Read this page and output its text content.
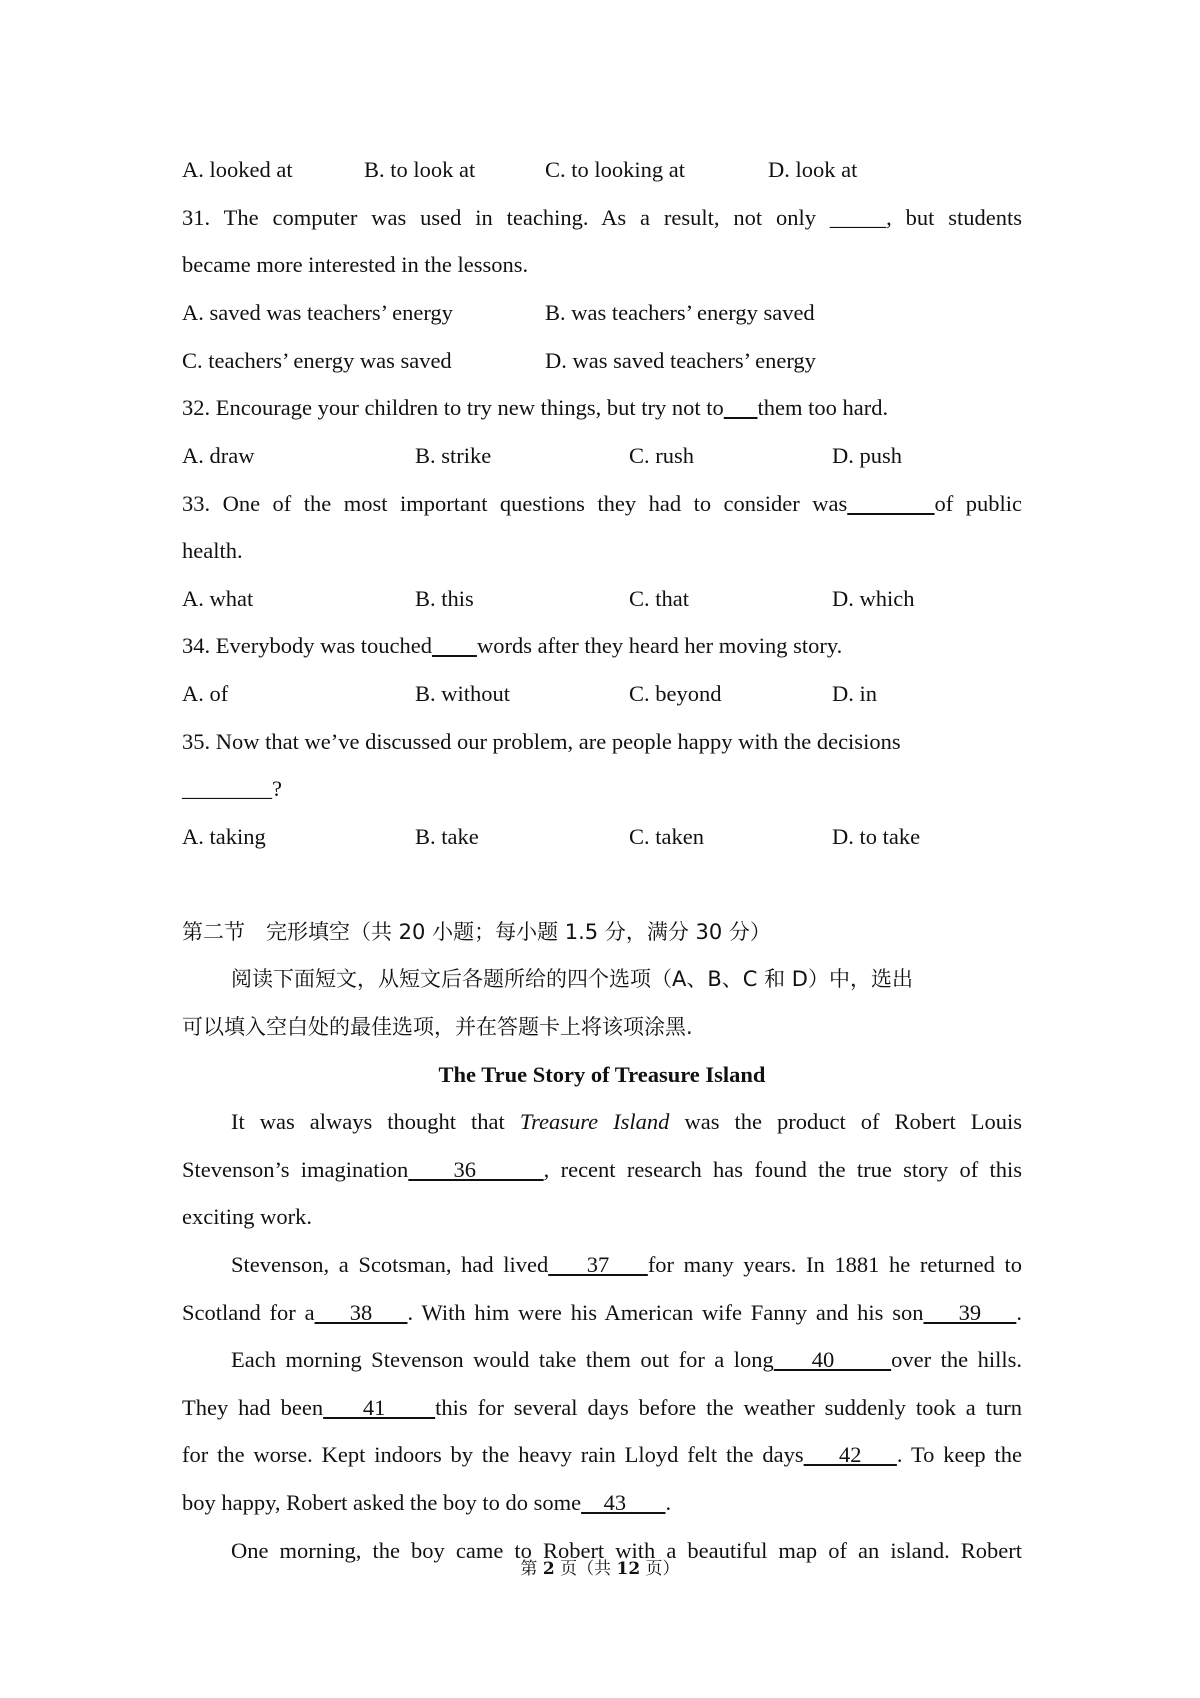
A. looked at	B. to look at	C. to looking at	D. look at
31. The computer was used in teaching. As a result, not only _____, but students
became more interested in the lessons.
A. saved was teachers’ energy	B. was teachers’ energy saved
C. teachers’ energy was saved	D. was saved teachers’ energy
32. Encourage your children to try new things, but try not to them too hard.
A. draw	B. strike	C. rush	D. push
33. One of the most important questions they had to consider was	of public
health.
A. what	B. this	C. that	D. which
34. Everybody was touched words after they heard her moving story.
A. of	B. without	C. beyond	D. in
35. Now that we’ve discussed our problem, are people happy with the decisions
________?
A. taking	B. take	C. taken	D. to take
第二节　完形填空（共 20 小题；每小题 1.5 分，满分 30 分）
阅读下面短文，从短文后各题所给的四个选项（A、B、C 和 D）中，选出
可以填入空白处的最佳选项，并在答题卡上将该项涂黑.
The True Story of Treasure Island
It was always thought that Treasure Island was the product of Robert Louis
Stevenson’s imagination    36      , recent research has found the true story of this
exciting work.
Stevenson, a Scotsman, had lived    37    for many years. In 1881 he returned to
Scotland for a    38    . With him were his American wife Fanny and his son    39    .
Each morning Stevenson would take them out for a long    40      over the hills.
They had been    41     this for several days before the weather suddenly took a turn
for the worse. Kept indoors by the heavy rain Lloyd felt the days    42    . To keep the
boy happy, Robert asked the boy to do some    43       .
One morning, the boy came to Robert with a beautiful map of an island. Robert
第 2 页（共 12 页）
